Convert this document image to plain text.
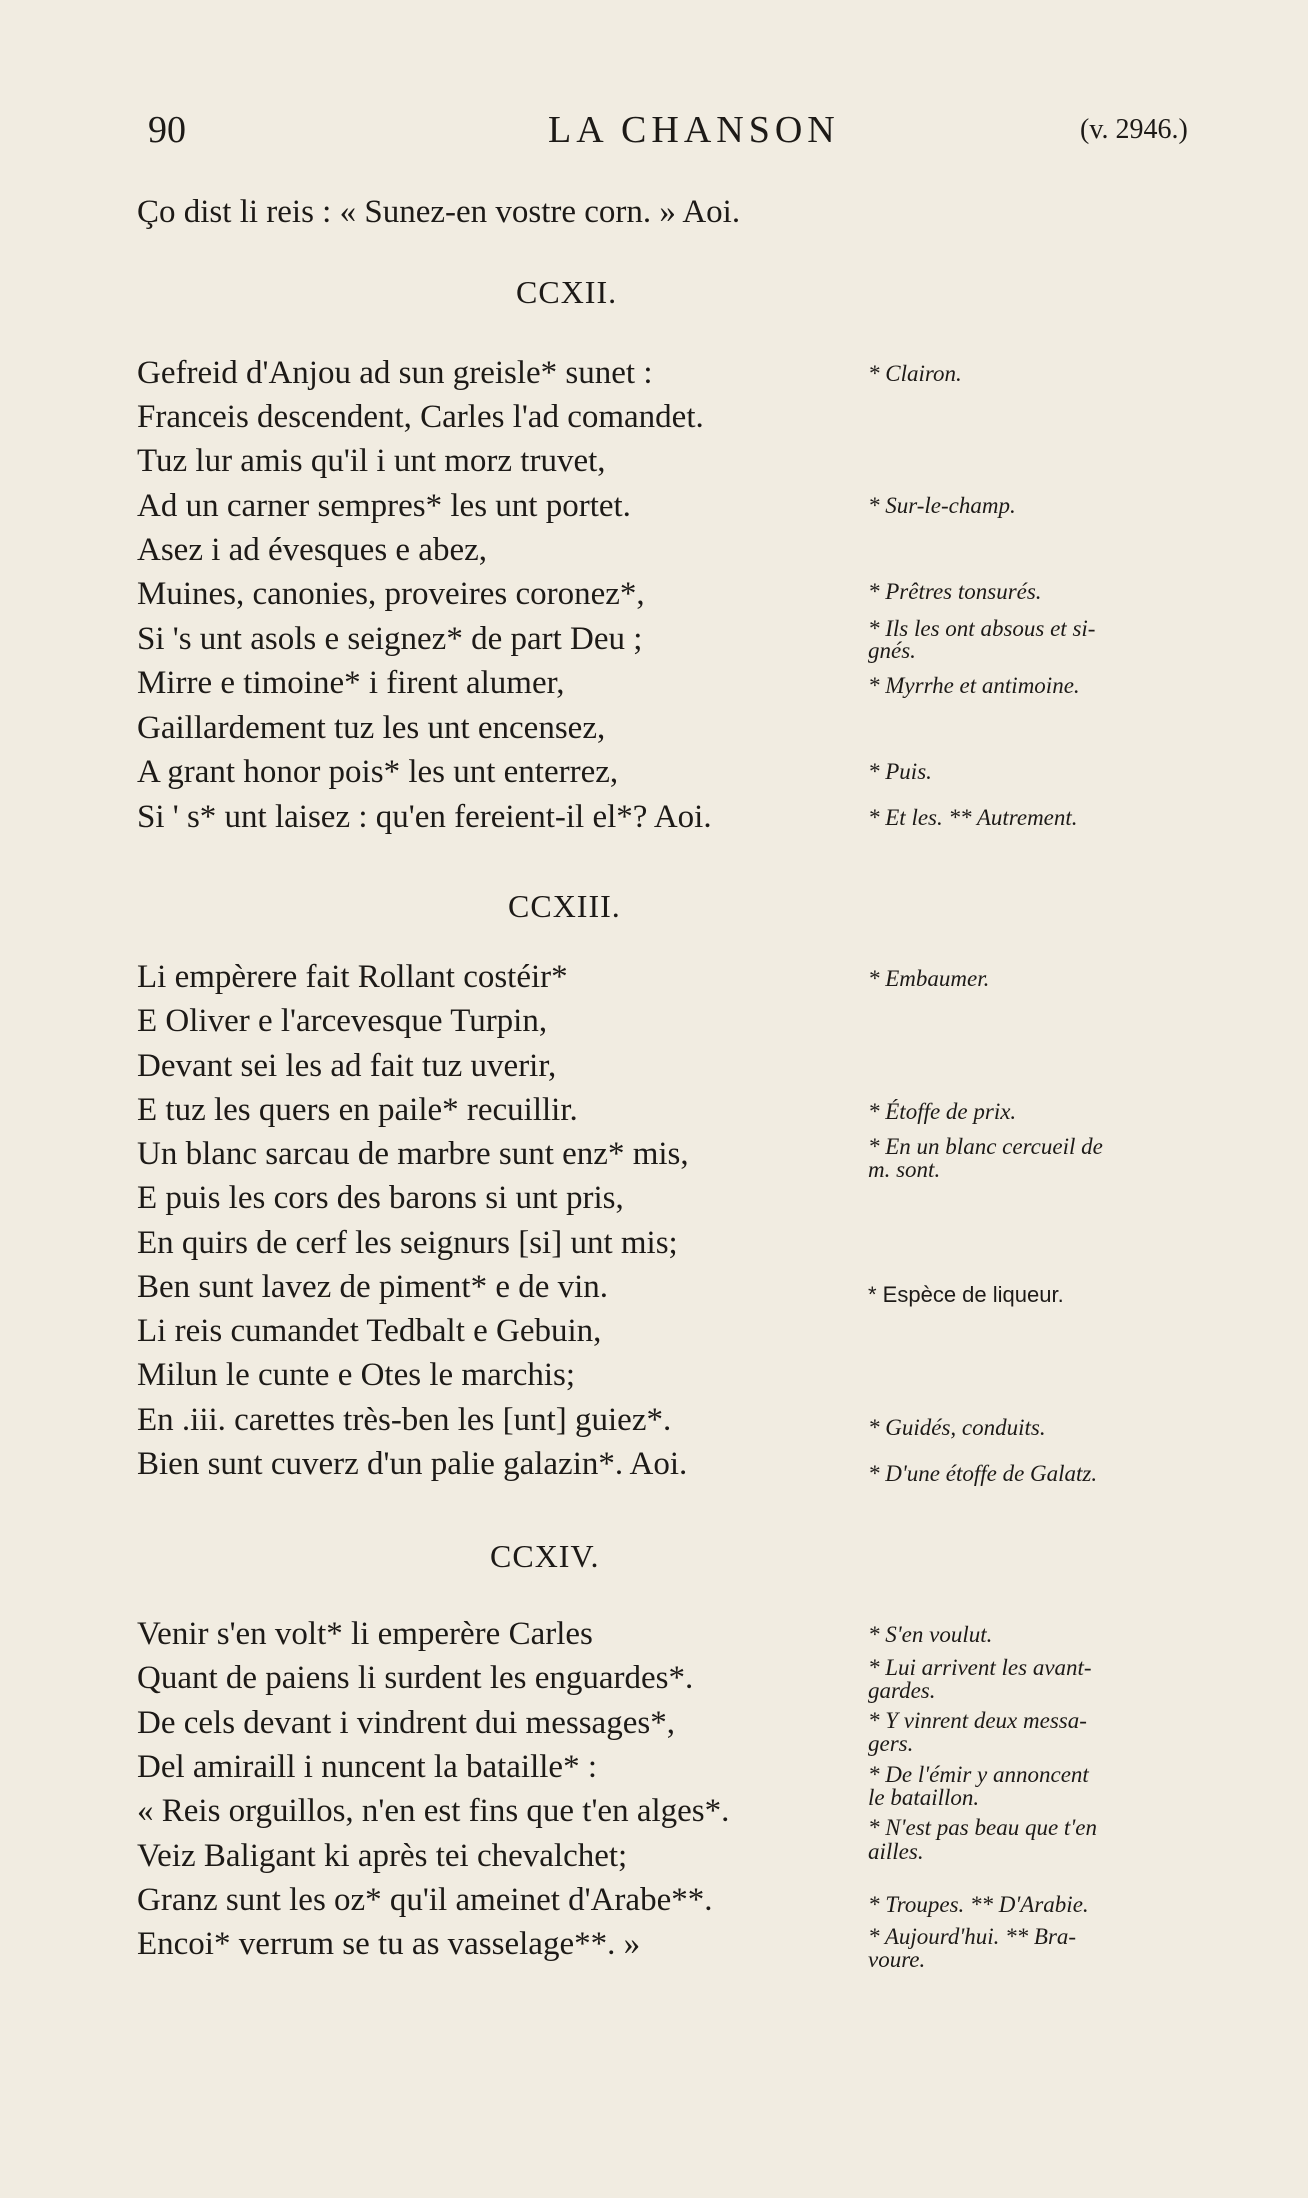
90	LA CHANSON	(v. 2946.)
Ço dist li reis : « Sunez-en vostre corn. » Aoi.
CCXII.
Gefreid d'Anjou ad sun greisle* sunet :
Franceis descendent, Carles l'ad comandet.
Tuz lur amis qu'il i unt morz truvet,
Ad un carner sempres* les unt portet.
Asez i ad évesques e abez,
Muines, canonies, proveires coronez*,
Si 's unt asols e seignez* de part Deu ;
Mirre e timoine* i firent alumer,
Gaillardement tuz les unt encensez,
A grant honor pois* les unt enterrez,
Si ' s* unt laisez : qu'en fereient-il el*? Aoi.
* Clairon.
* Sur-le-champ.
* Prêtres tonsurés.
* Ils les ont absous et si-
gnés.
* Myrrhe et antimoine.
* Puis.
* Et les. ** Autrement.
CCXIII.
Li empèrere fait Rollant costéir*
E Oliver e l'arcevesque Turpin,
Devant sei les ad fait tuz uverir,
E tuz les quers en paile* recuillir.
Un blanc sarcau de marbre sunt enz* mis,
E puis les cors des barons si unt pris,
En quirs de cerf les seignurs [si] unt mis;
Ben sunt lavez de piment* e de vin.
Li reis cumandet Tedbalt e Gebuin,
Milun le cunte e Otes le marchis;
En .iii. carettes très-ben les [unt] guiez*.
Bien sunt cuverz d'un palie galazin*. Aoi.
* Embaumer.
* Étoffe de prix.
* En un blanc cercueil de
m. sont.
* Espèce de liqueur.
* Guidés, conduits.
* D'une étoffe de Galatz.
CCXIV.
Venir s'en volt* li emperère Carles
Quant de paiens li surdent les enguardes*.
De cels devant i vindrent dui messages*,
Del amiraill i nuncent la bataille* :
« Reis orguillos, n'en est fins que t'en alges*.
Veiz Baligant ki après tei chevalchet;
Granz sunt les oz* qu'il ameinet d'Arabe**.
Encoi* verrum se tu as vasselage**. »
* S'en voulut.
* Lui arrivent les avant-
gardes.
* Y vinrent deux messa-
gers.
* De l'émir y annoncent
le bataillon.
* N'est pas beau que t'en
ailles.
* Troupes. ** D'Arabie.
* Aujourd'hui. ** Bra-
voure.
